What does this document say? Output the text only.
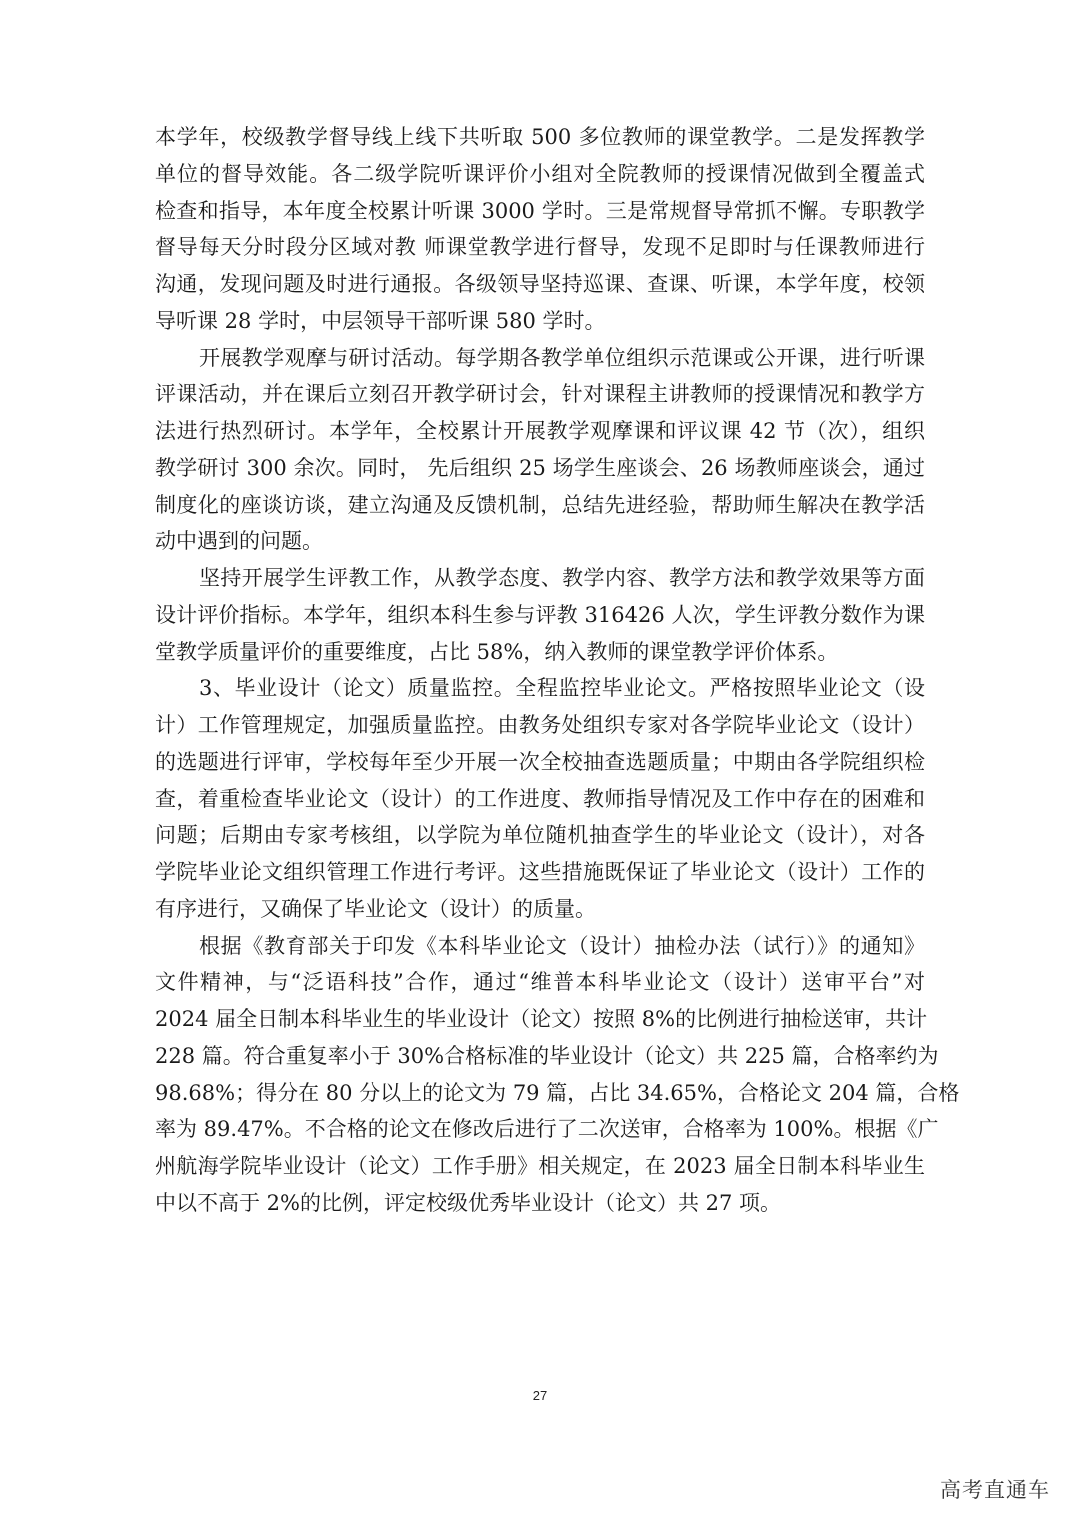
本学年，校级教学督导线上线下共听取 500 多位教师的课堂教学。二是发挥教学
单位的督导效能。各二级学院听课评价小组对全院教师的授课情况做到全覆盖式
检查和指导，本年度全校累计听课 3000 学时。三是常规督导常抓不懈。专职教学
督导每天分时段分区域对教 师课堂教学进行督导，发现不足即时与任课教师进行
沟通，发现问题及时进行通报。各级领导坚持巡课、查课、听课，本学年度，校领
导听课 28 学时，中层领导干部听课 580 学时。
开展教学观摩与研讨活动。每学期各教学单位组织示范课或公开课，进行听课
评课活动，并在课后立刻召开教学研讨会，针对课程主讲教师的授课情况和教学方
法进行热烈研讨。本学年，全校累计开展教学观摩课和评议课 42 节（次），组织
教学研讨 300 余次。同时， 先后组织 25 场学生座谈会、26 场教师座谈会，通过
制度化的座谈访谈，建立沟通及反馈机制，总结先进经验，帮助师生解决在教学活
动中遇到的问题。
坚持开展学生评教工作，从教学态度、教学内容、教学方法和教学效果等方面
设计评价指标。本学年，组织本科生参与评教 316426 人次，学生评教分数作为课
堂教学质量评价的重要维度，占比 58%，纳入教师的课堂教学评价体系。
3、毕业设计（论文）质量监控。全程监控毕业论文。严格按照毕业论文（设
计）工作管理规定，加强质量监控。由教务处组织专家对各学院毕业论文（设计）
的选题进行评审，学校每年至少开展一次全校抽查选题质量；中期由各学院组织检
查，着重检查毕业论文（设计）的工作进度、教师指导情况及工作中存在的困难和
问题；后期由专家考核组，以学院为单位随机抽查学生的毕业论文（设计），对各
学院毕业论文组织管理工作进行考评。这些措施既保证了毕业论文（设计）工作的
有序进行，又确保了毕业论文（设计）的质量。
根据《教育部关于印发《本科毕业论文（设计）抽检办法（试行）》的通知》
文件精神，与“泛语科技”合作，通过“维普本科毕业论文（设计）送审平台”对
2024 届全日制本科毕业生的毕业设计（论文）按照 8%的比例进行抽检送审，共计
228 篇。符合重复率小于 30%合格标准的毕业设计（论文）共 225 篇，合格率约为
98.68%；得分在 80 分以上的论文为 79 篇，占比 34.65%，合格论文 204 篇，合格
率为 89.47%。不合格的论文在修改后进行了二次送审，合格率为 100%。根据《广
州航海学院毕业设计（论文）工作手册》相关规定，在 2023 届全日制本科毕业生
中以不高于 2%的比例，评定校级优秀毕业设计（论文）共 27 项。
27
高考直通车
